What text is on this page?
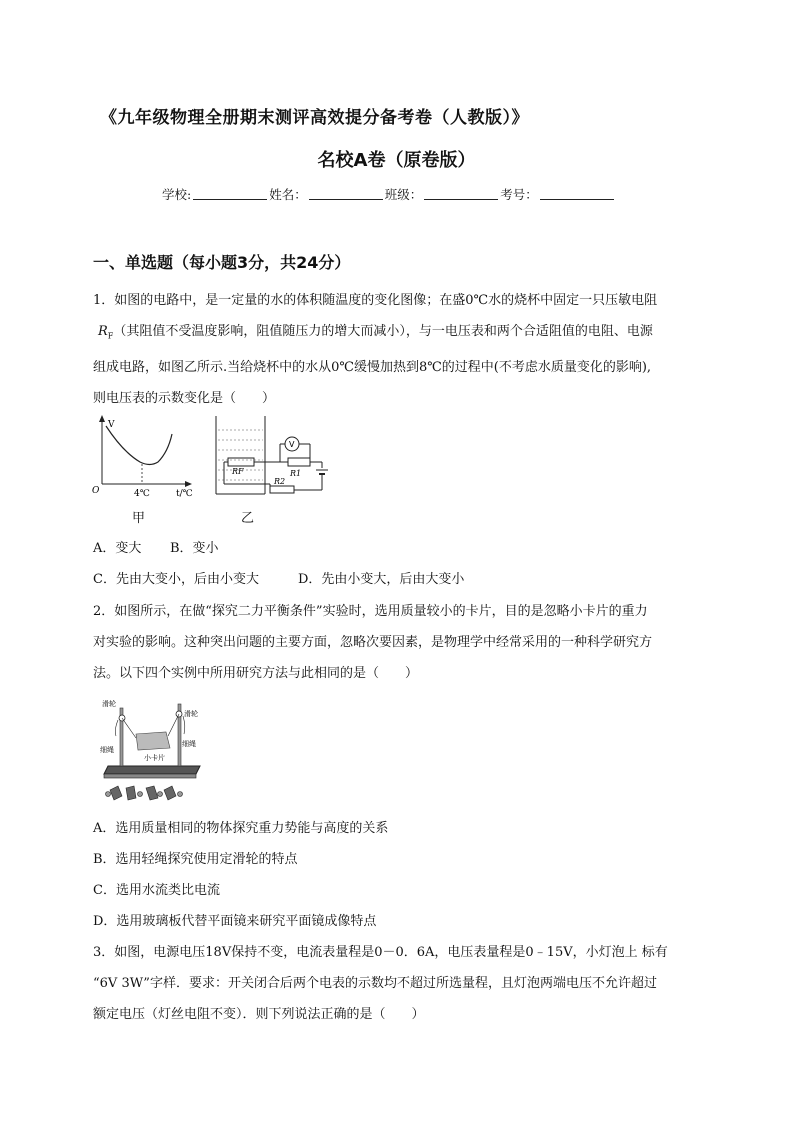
《九年级物理全册期末测评高效提分备考卷（人教版）》
名校A卷（原卷版）
学校:	姓名：	班级：	考号：
一、单选题（每小题3分，共24分）
1．如图的电路中，是一定量的水的体积随温度的变化图像；在盛0℃水的烧杯中固定一只压敏电阻
$R_F$（其阻值不受温度影响，阻值随压力的增大而减小），与一电压表和两个合适阻值的电阻、电源
组成电路，如图乙所示.当给烧杯中的水从0℃缓慢加热到8℃的过程中(不考虑水质量变化的影响),
则电压表的示数变化是（　　）
V
O	4℃	t/℃
RF	R1
V
R2
甲	乙
A．变大	B．变小
C．先由大变小，后由小变大	D．先由小变大，后由大变小
2．如图所示，在做“探究二力平衡条件”实验时，选用质量较小的卡片，目的是忽略小卡片的重力
对实验的影响。这种突出问题的主要方面，忽略次要因素，是物理学中经常采用的一种科学研究方
法。以下四个实例中所用研究方法与此相同的是（　　）
滑轮
滑轮
细绳
细绳
小卡片
A．选用质量相同的物体探究重力势能与高度的关系
B．选用轻绳探究使用定滑轮的特点
C．选用水流类比电流
D．选用玻璃板代替平面镜来研究平面镜成像特点
3．如图，电源电压18V保持不变，电流表量程是0－0．6A，电压表量程是0﹣15V，小灯泡上 标有
“6V 3W”字样．要求：开关闭合后两个电表的示数均不超过所选量程，且灯泡两端电压不允许超过
额定电压（灯丝电阻不变）．则下列说法正确的是（　　）
